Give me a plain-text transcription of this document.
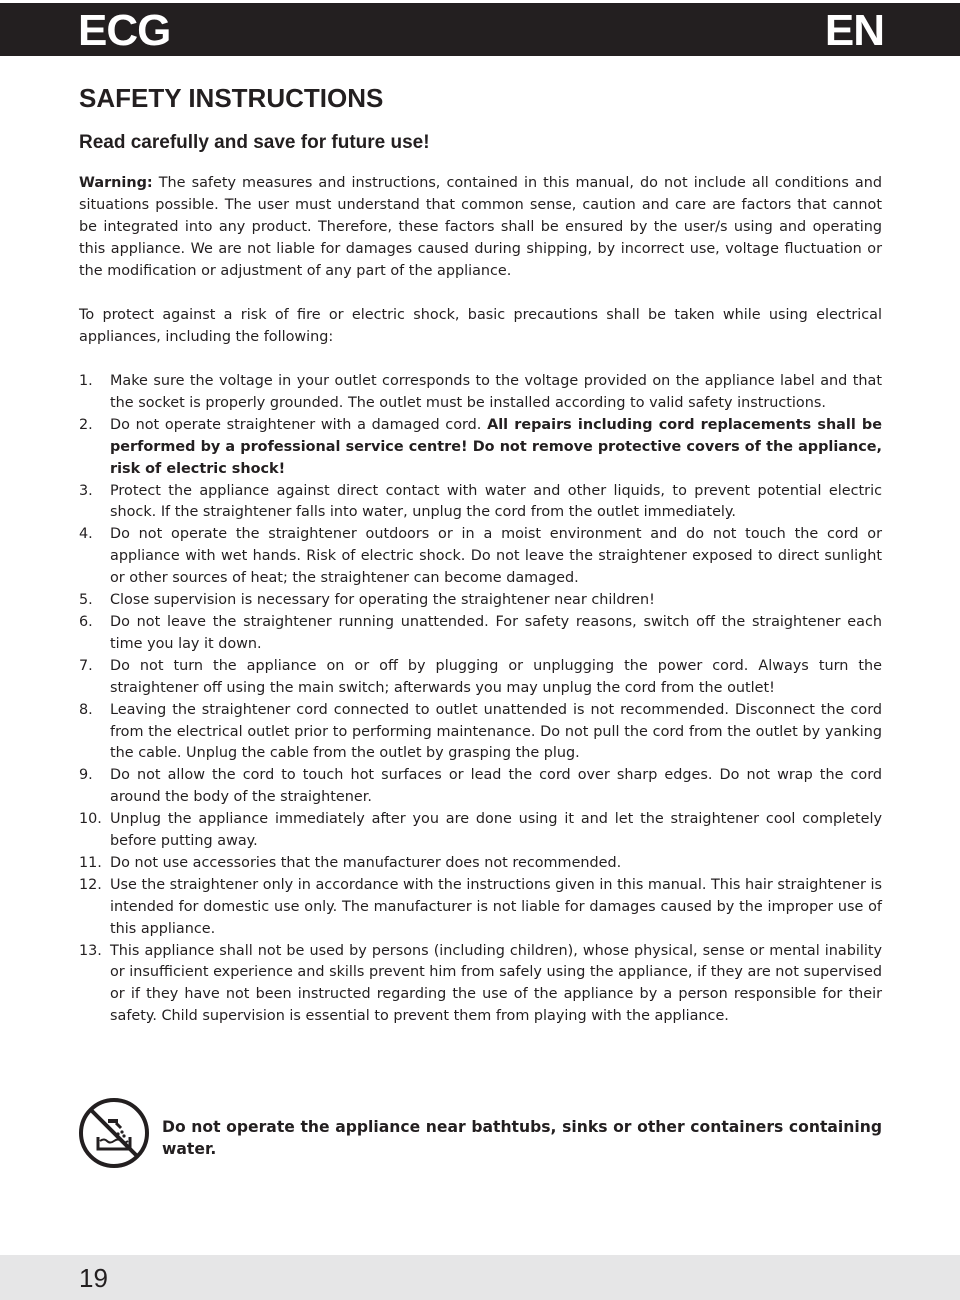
ECG	EN
SAFETY INSTRUCTIONS

Read carefully and save for future use!

Warning: The safety measures and instructions, contained in this manual, do not include all conditions and situations possible. The user must understand that common sense, caution and care are factors that cannot be integrated into any product. Therefore, these factors shall be ensured by the user/s using and operating this appliance. We are not liable for damages caused during shipping, by incorrect use, voltage fluctuation or the modification or adjustment of any part of the appliance.

To protect against a risk of fire or electric shock, basic precautions shall be taken while using electrical appliances, including the following:

1. Make sure the voltage in your outlet corresponds to the voltage provided on the appliance label and that the socket is properly grounded. The outlet must be installed according to valid safety instructions.
2. Do not operate straightener with a damaged cord. All repairs including cord replacements shall be performed by a professional service centre! Do not remove protective covers of the appliance, risk of electric shock!
3. Protect the appliance against direct contact with water and other liquids, to prevent potential electric shock. If the straightener falls into water, unplug the cord from the outlet immediately.
4. Do not operate the straightener outdoors or in a moist environment and do not touch the cord or appliance with wet hands. Risk of electric shock. Do not leave the straightener exposed to direct sunlight or other sources of heat; the straightener can become damaged.
5. Close supervision is necessary for operating the straightener near children!
6. Do not leave the straightener running unattended. For safety reasons, switch off the straightener each time you lay it down.
7. Do not turn the appliance on or off by plugging or unplugging the power cord. Always turn the straightener off using the main switch; afterwards you may unplug the cord from the outlet!
8. Leaving the straightener cord connected to outlet unattended is not recommended. Disconnect the cord from the electrical outlet prior to performing maintenance. Do not pull the cord from the outlet by yanking the cable. Unplug the cable from the outlet by grasping the plug.
9. Do not allow the cord to touch hot surfaces or lead the cord over sharp edges. Do not wrap the cord around the body of the straightener.
10. Unplug the appliance immediately after you are done using it and let the straightener cool completely before putting away.
11. Do not use accessories that the manufacturer does not recommended.
12. Use the straightener only in accordance with the instructions given in this manual. This hair straightener is intended for domestic use only. The manufacturer is not liable for damages caused by the improper use of this appliance.
13. This appliance shall not be used by persons (including children), whose physical, sense or mental inability or insufficient experience and skills prevent him from safely using the appliance, if they are not supervised or if they have not been instructed regarding the use of the appliance by a person responsible for their safety. Child supervision is essential to prevent them from playing with the appliance.

Do not operate the appliance near bathtubs, sinks or other containers containing water.

19
